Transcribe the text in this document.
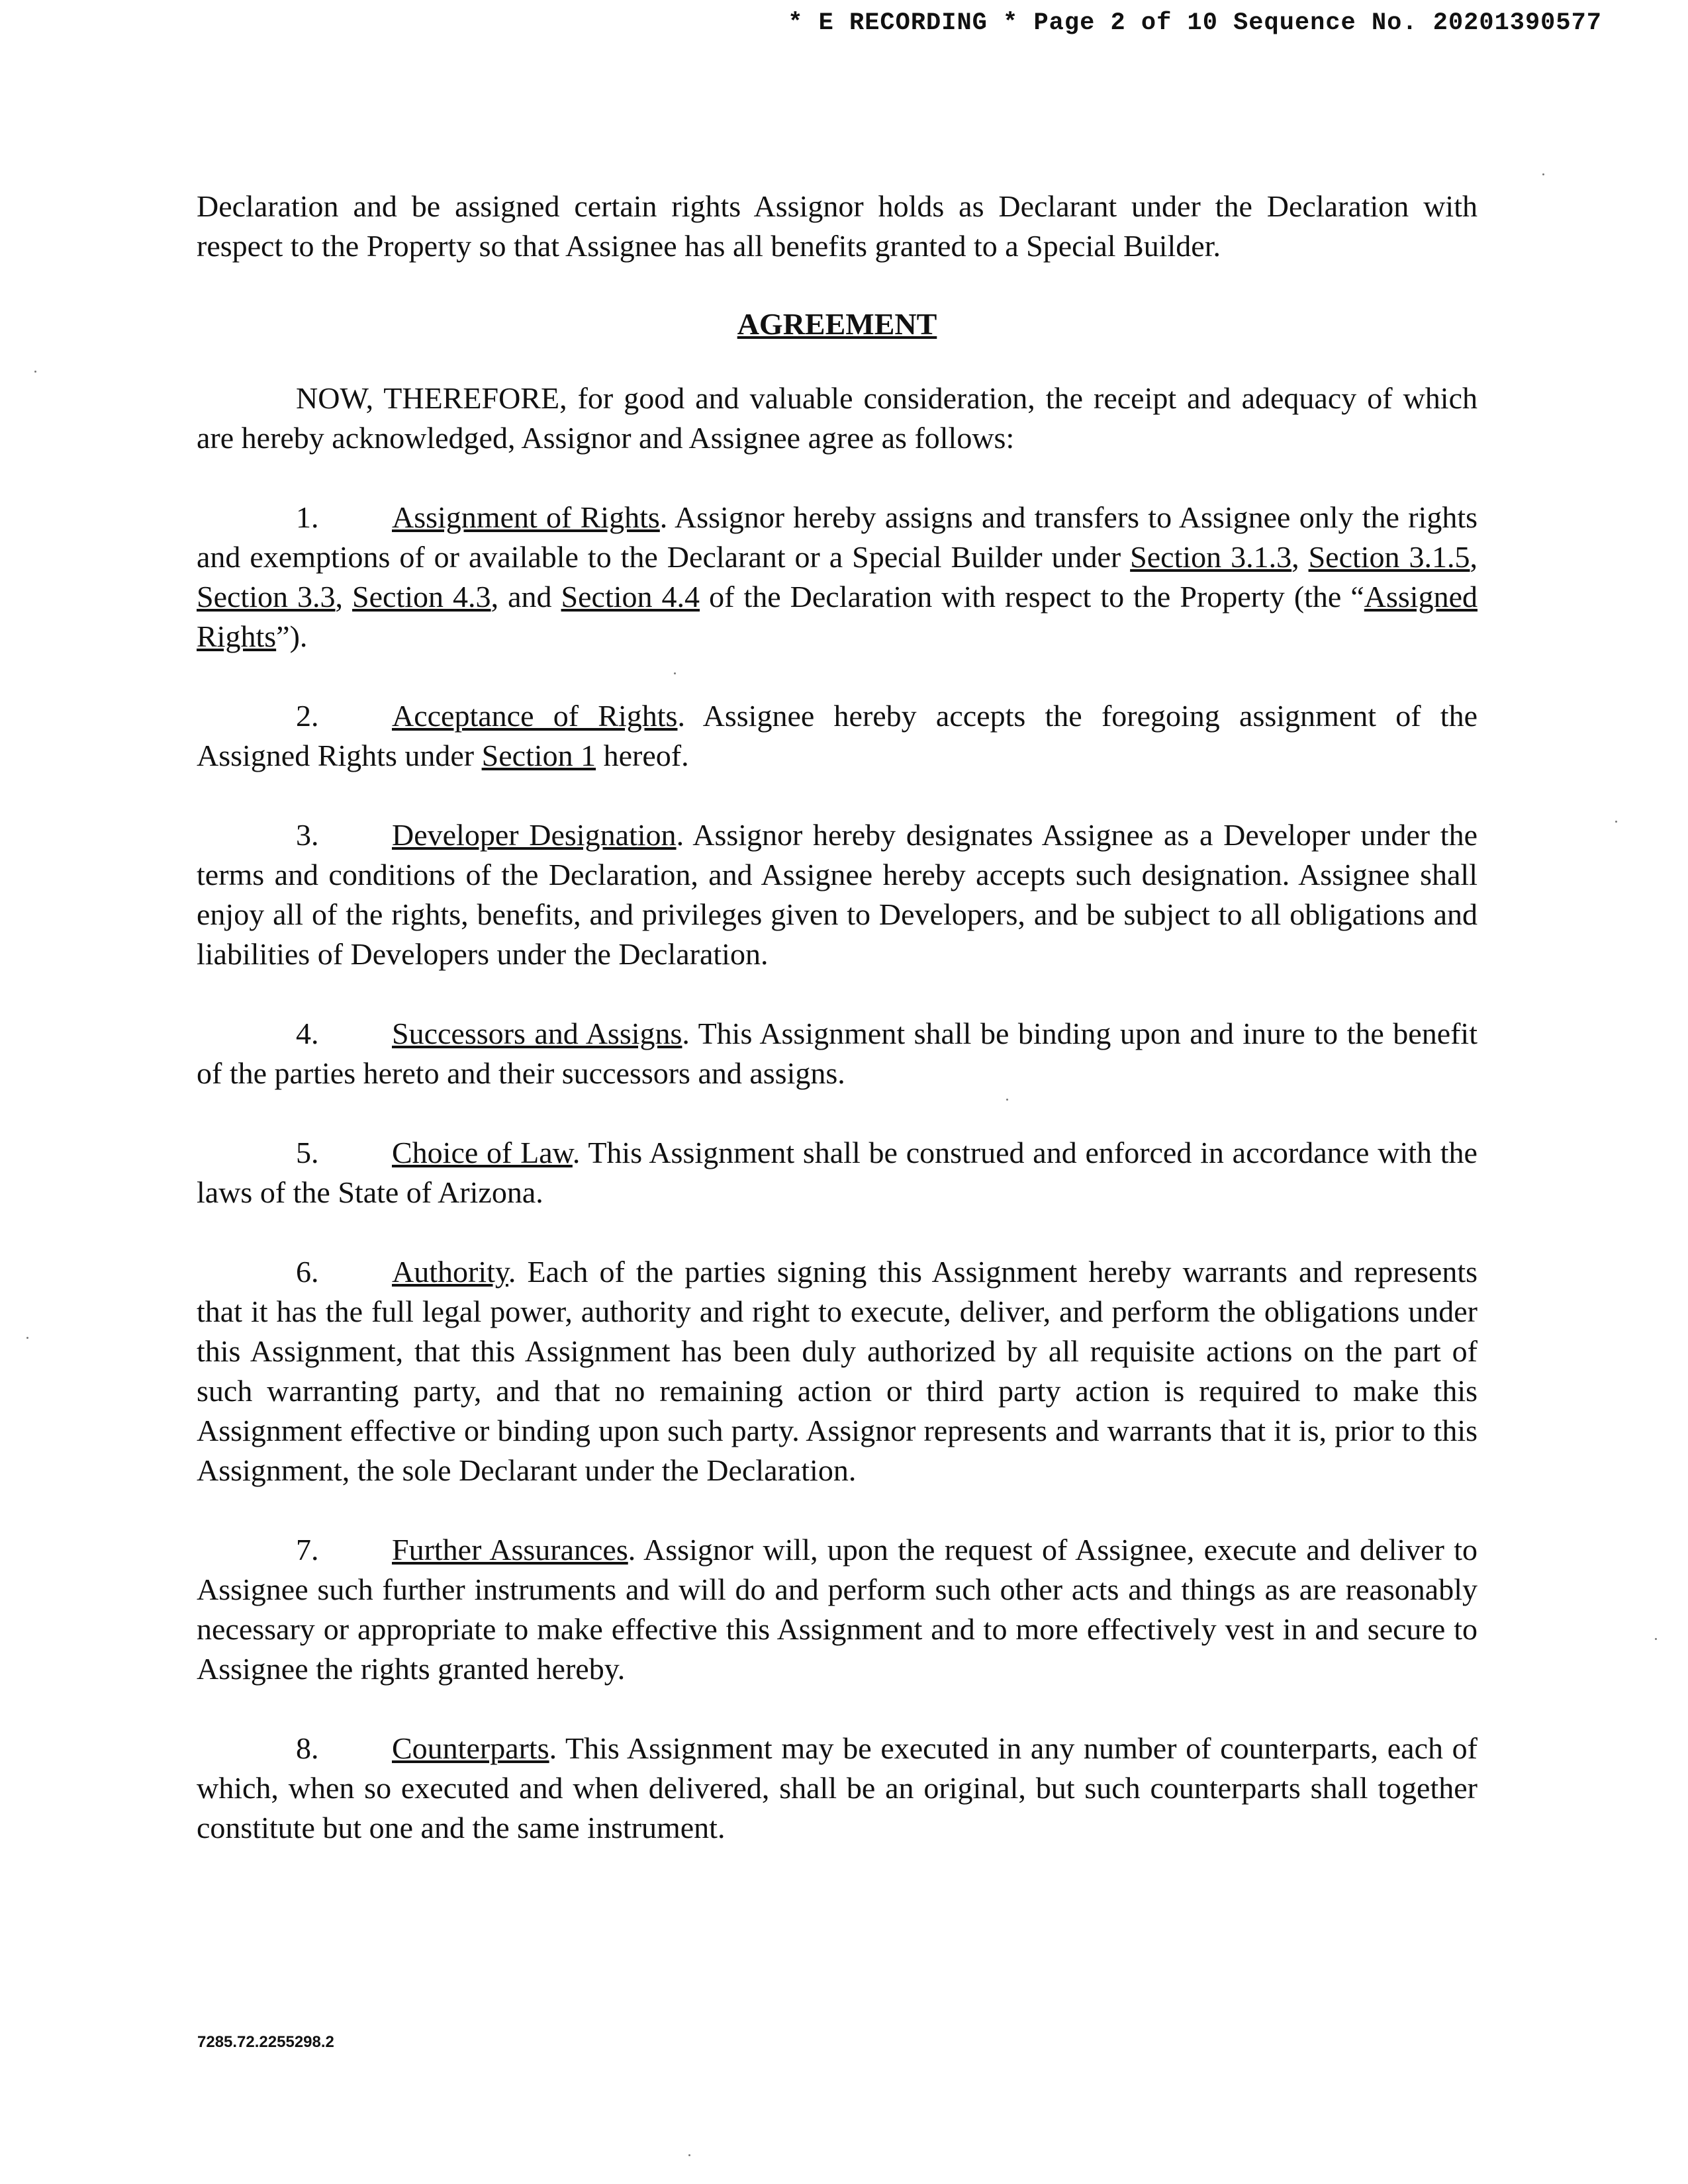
* E RECORDING * Page 2 of 10 Sequence No. 20201390577

Declaration and be assigned certain rights Assignor holds as Declarant under the Declaration with respect to the Property so that Assignee has all benefits granted to a Special Builder.

AGREEMENT

NOW, THEREFORE, for good and valuable consideration, the receipt and adequacy of which are hereby acknowledged, Assignor and Assignee agree as follows:

1. Assignment of Rights. Assignor hereby assigns and transfers to Assignee only the rights and exemptions of or available to the Declarant or a Special Builder under Section 3.1.3, Section 3.1.5, Section 3.3, Section 4.3, and Section 4.4 of the Declaration with respect to the Property (the “Assigned Rights”).

2. Acceptance of Rights. Assignee hereby accepts the foregoing assignment of the Assigned Rights under Section 1 hereof.

3. Developer Designation. Assignor hereby designates Assignee as a Developer under the terms and conditions of the Declaration, and Assignee hereby accepts such designation. Assignee shall enjoy all of the rights, benefits, and privileges given to Developers, and be subject to all obligations and liabilities of Developers under the Declaration.

4. Successors and Assigns. This Assignment shall be binding upon and inure to the benefit of the parties hereto and their successors and assigns.

5. Choice of Law. This Assignment shall be construed and enforced in accordance with the laws of the State of Arizona.

6. Authority. Each of the parties signing this Assignment hereby warrants and represents that it has the full legal power, authority and right to execute, deliver, and perform the obligations under this Assignment, that this Assignment has been duly authorized by all requisite actions on the part of such warranting party, and that no remaining action or third party action is required to make this Assignment effective or binding upon such party. Assignor represents and warrants that it is, prior to this Assignment, the sole Declarant under the Declaration.

7. Further Assurances. Assignor will, upon the request of Assignee, execute and deliver to Assignee such further instruments and will do and perform such other acts and things as are reasonably necessary or appropriate to make effective this Assignment and to more effectively vest in and secure to Assignee the rights granted hereby.

8. Counterparts. This Assignment may be executed in any number of counterparts, each of which, when so executed and when delivered, shall be an original, but such counterparts shall together constitute but one and the same instrument.

7285.72.2255298.2
